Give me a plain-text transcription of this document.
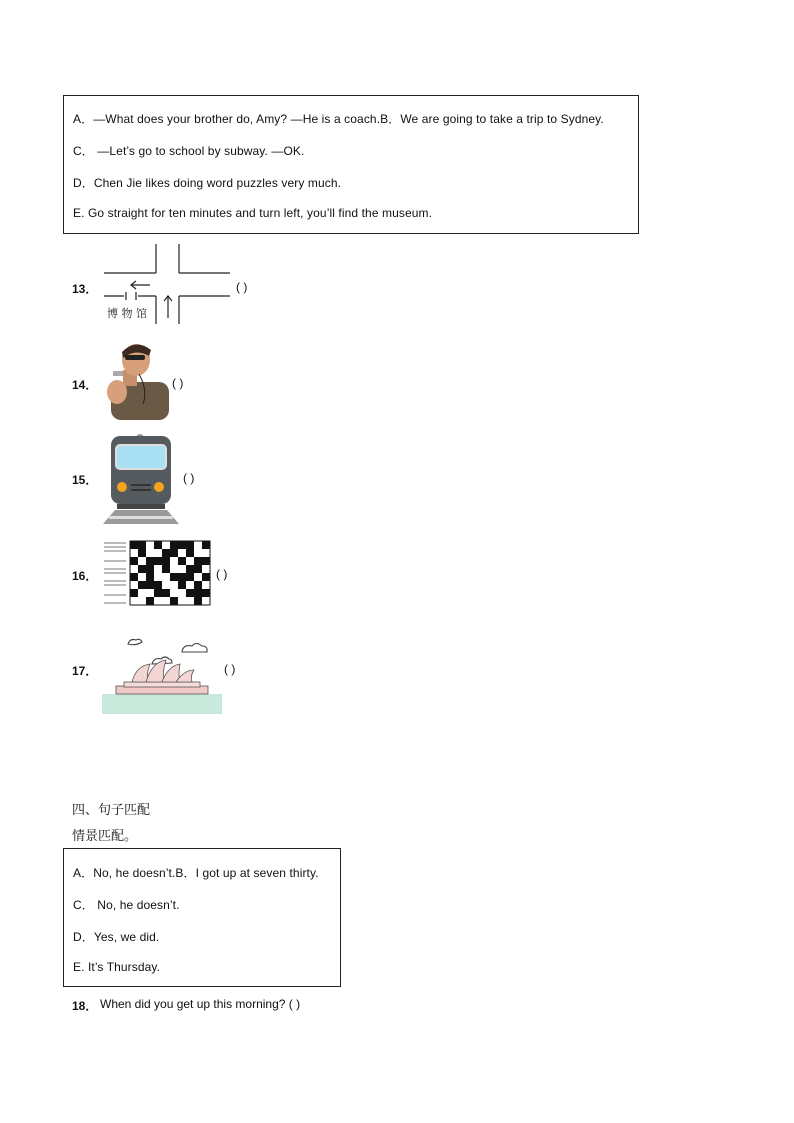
A．—What does your brother do, Amy? —He is a coach.B．We are going to take a trip to Sydney.
C． —Let’s go to school by subway. —OK.
D．Chen Jie likes doing word puzzles very much.
E. Go straight for ten minutes and turn left, you’ll find the museum.
13．
博 物 馆
( )
14．	( )
15．	( )
16．	( )
17．	( )
四、句子匹配
情景匹配。
A．No, he doesn’t.B．I got up at seven thirty.
C． No, he doesn’t.
D．Yes, we did.
E. It’s Thursday.
18． When did you get up this morning? ( )
